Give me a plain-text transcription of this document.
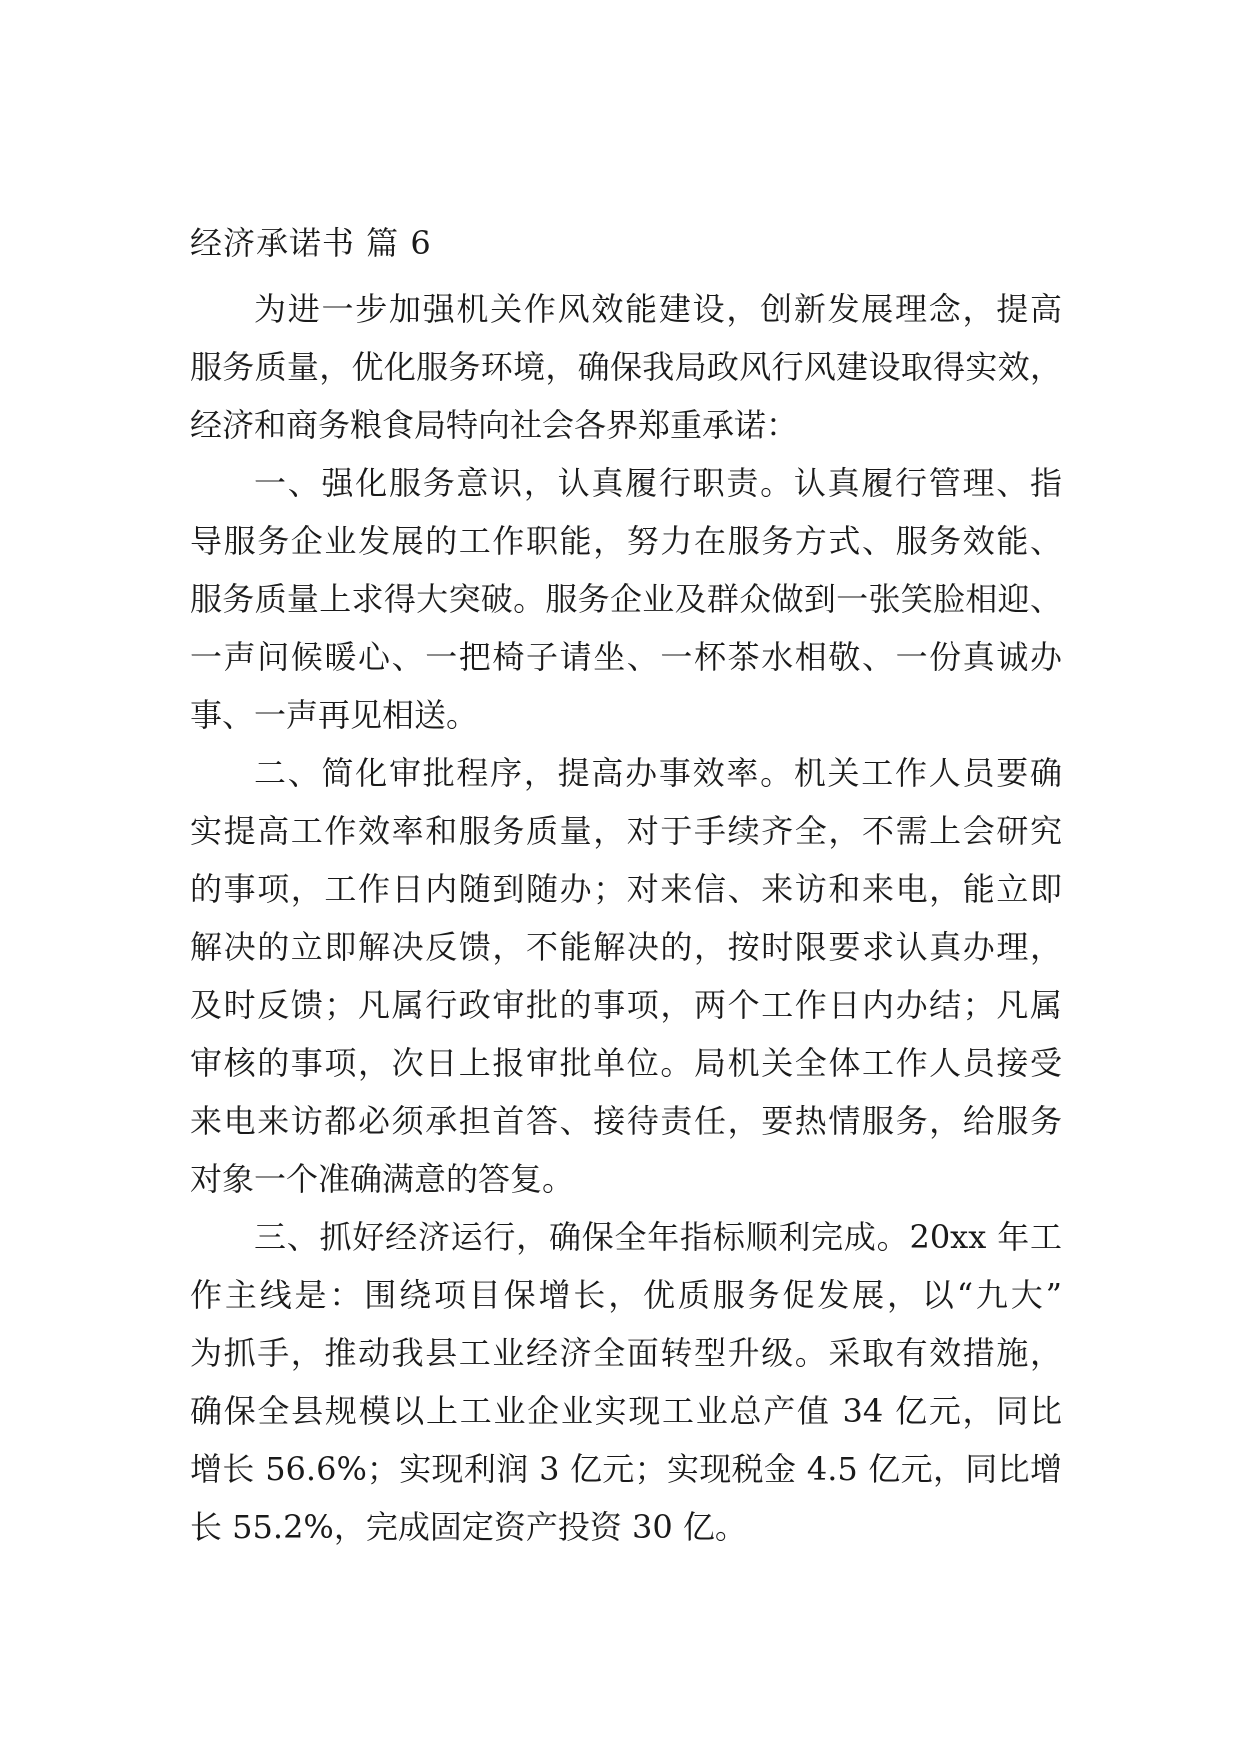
经济承诺书 篇 6
为进一步加强机关作风效能建设，创新发展理念，提高
服务质量，优化服务环境，确保我局政风行风建设取得实效，
经济和商务粮食局特向社会各界郑重承诺：
一、强化服务意识，认真履行职责。认真履行管理、指
导服务企业发展的工作职能，努力在服务方式、服务效能、
服务质量上求得大突破。服务企业及群众做到一张笑脸相迎、
一声问候暖心、一把椅子请坐、一杯茶水相敬、一份真诚办
事、一声再见相送。
二、简化审批程序，提高办事效率。机关工作人员要确
实提高工作效率和服务质量，对于手续齐全，不需上会研究
的事项，工作日内随到随办；对来信、来访和来电，能立即
解决的立即解决反馈，不能解决的，按时限要求认真办理，
及时反馈；凡属行政审批的事项，两个工作日内办结；凡属
审核的事项，次日上报审批单位。局机关全体工作人员接受
来电来访都必须承担首答、接待责任，要热情服务，给服务
对象一个准确满意的答复。
三、抓好经济运行，确保全年指标顺利完成。20xx 年工
作主线是：围绕项目保增长，优质服务促发展，以“九大”
为抓手，推动我县工业经济全面转型升级。采取有效措施，
确保全县规模以上工业企业实现工业总产值 34 亿元，同比
增长 56.6%；实现利润 3 亿元；实现税金 4.5 亿元，同比增
长 55.2%，完成固定资产投资 30 亿。
